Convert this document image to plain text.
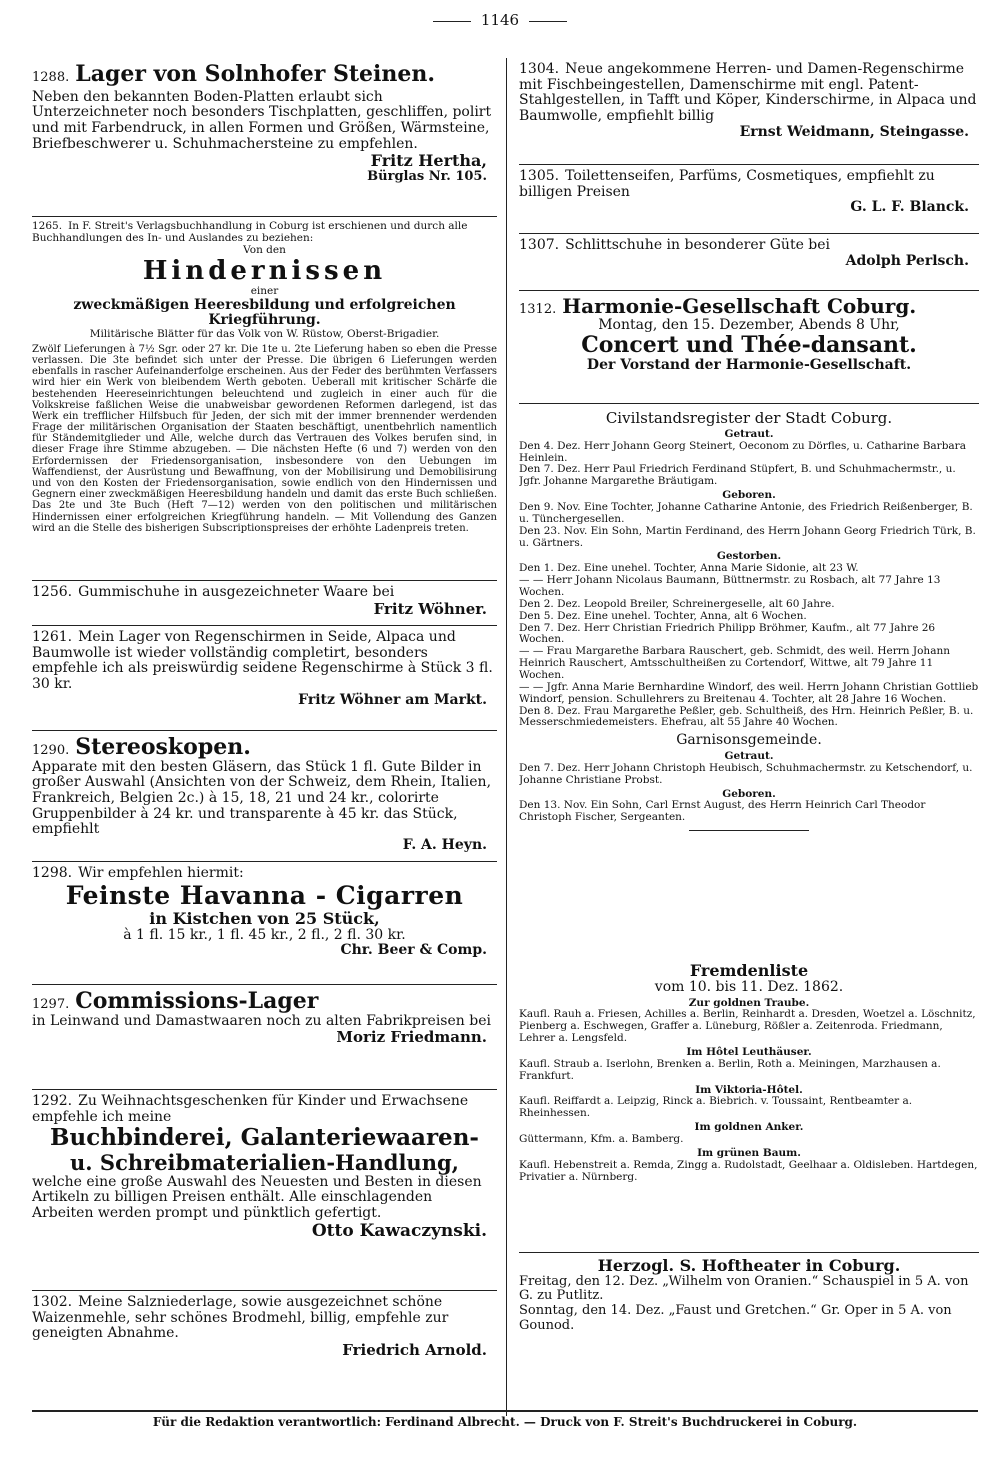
1146

1288. Lager von Solnhofer Steinen.

Neben den bekannten Boden-Platten erlaubt sich Unterzeichneter noch besonders Tischplatten, geschliffen, polirt und mit Farbendruck, in allen Formen und Größen, Wärmsteine, Briefbeschwerer u. Schuhmachersteine zu empfehlen.

Fritz Hertha,

Bürglas Nr. 105.

1265. In F. Streit's Verlagsbuchhandlung in Coburg ist erschienen und durch alle Buchhandlungen des In- und Auslandes zu beziehen:

Von den

Hindernissen

einer

zweckmäßigen Heeresbildung und erfolgreichen Kriegführung.

Militärische Blätter für das Volk von W. Rüstow, Oberst-Brigadier.

Zwölf Lieferungen à 7½ Sgr. oder 27 kr. Die 1te u. 2te Lieferung haben so eben die Presse verlassen. Die 3te befindet sich unter der Presse. Die übrigen 6 Lieferungen werden ebenfalls in rascher Aufeinanderfolge erscheinen. Aus der Feder des berühmten Verfassers wird hier ein Werk von bleibendem Werth geboten. Ueberall mit kritischer Schärfe die bestehenden Heereseinrichtungen beleuchtend und zugleich in einer auch für die Volkskreise faßlichen Weise die unabweisbar gewordenen Reformen darlegend, ist das Werk ein trefflicher Hilfsbuch für Jeden, der sich mit der immer brennender werdenden Frage der militärischen Organisation der Staaten beschäftigt, unentbehrlich namentlich für Ständemitglieder und Alle, welche durch das Vertrauen des Volkes berufen sind, in dieser Frage ihre Stimme abzugeben. — Die nächsten Hefte (6 und 7) werden von den Erfordernissen der Friedensorganisation, insbesondere von den Uebungen im Waffendienst, der Ausrüstung und Bewaffnung, von der Mobilisirung und Demobilisirung und von den Kosten der Friedensorganisation, sowie endlich von den Hindernissen und Gegnern einer zweckmäßigen Heeresbildung handeln und damit das erste Buch schließen. Das 2te und 3te Buch (Heft 7—12) werden von den politischen und militärischen Hindernissen einer erfolgreichen Kriegführung handeln. — Mit Vollendung des Ganzen wird an die Stelle des bisherigen Subscriptionspreises der erhöhte Ladenpreis treten.

1256. Gummischuhe in ausgezeichneter Waare bei

Fritz Wöhner.

1261. Mein Lager von Regenschirmen in Seide, Alpaca und Baumwolle ist wieder vollständig completirt, besonders empfehle ich als preiswürdig seidene Regenschirme à Stück 3 fl. 30 kr.

Fritz Wöhner am Markt.

1290. Stereoskopen.

Apparate mit den besten Gläsern, das Stück 1 fl. Gute Bilder in großer Auswahl (Ansichten von der Schweiz, dem Rhein, Italien, Frankreich, Belgien 2c.) à 15, 18, 21 und 24 kr., colorirte Gruppenbilder à 24 kr. und transparente à 45 kr. das Stück, empfiehlt

F. A. Heyn.

1298. Wir empfehlen hiermit:

Feinste Havanna - Cigarren

in Kistchen von 25 Stück,

à 1 fl. 15 kr., 1 fl. 45 kr., 2 fl., 2 fl. 30 kr.

Chr. Beer & Comp.

1297. Commissions-Lager

in Leinwand und Damastwaaren noch zu alten Fabrikpreisen bei

Moriz Friedmann.

1292. Zu Weihnachtsgeschenken für Kinder und Erwachsene empfehle ich meine

Buchbinderei, Galanteriewaaren-

u. Schreibmaterialien-Handlung,

welche eine große Auswahl des Neuesten und Besten in diesen Artikeln zu billigen Preisen enthält. Alle einschlagenden Arbeiten werden prompt und pünktlich gefertigt.

Otto Kawaczynski.

1302. Meine Salzniederlage, sowie ausgezeichnet schöne Waizenmehle, sehr schönes Brodmehl, billig, empfehle zur geneigten Abnahme.

Friedrich Arnold.

1304. Neue angekommene Herren- und Damen-Regenschirme mit Fischbeingestellen, Damenschirme mit engl. Patent-Stahlgestellen, in Tafft und Köper, Kinderschirme, in Alpaca und Baumwolle, empfiehlt billig

Ernst Weidmann, Steingasse.

1305. Toilettenseifen, Parfüms, Cosmetiques, empfiehlt zu billigen Preisen

G. L. F. Blanck.

1307. Schlittschuhe in besonderer Güte bei

Adolph Perlsch.

1312. Harmonie-Gesellschaft Coburg.

Montag, den 15. Dezember, Abends 8 Uhr,

Concert und Thée-dansant.

Der Vorstand der Harmonie-Gesellschaft.

Civilstandsregister der Stadt Coburg.

Getraut.

Den 4. Dez. Herr Johann Georg Steinert, Oeconom zu Dörfles, u. Catharine Barbara Heinlein.

Den 7. Dez. Herr Paul Friedrich Ferdinand Stüpfert, B. und Schuhmachermstr., u. Jgfr. Johanne Margarethe Bräutigam.

Geboren.

Den 9. Nov. Eine Tochter, Johanne Catharine Antonie, des Friedrich Reißenberger, B. u. Tünchergesellen.

Den 23. Nov. Ein Sohn, Martin Ferdinand, des Herrn Johann Georg Friedrich Türk, B. u. Gärtners.

Gestorben.

Den 1. Dez. Eine unehel. Tochter, Anna Marie Sidonie, alt 23 W.

— — Herr Johann Nicolaus Baumann, Büttnermstr. zu Rosbach, alt 77 Jahre 13 Wochen.

Den 2. Dez. Leopold Breiler, Schreinergeselle, alt 60 Jahre.

Den 5. Dez. Eine unehel. Tochter, Anna, alt 6 Wochen.

Den 7. Dez. Herr Christian Friedrich Philipp Bröhmer, Kaufm., alt 77 Jahre 26 Wochen.

— — Frau Margarethe Barbara Rauschert, geb. Schmidt, des weil. Herrn Johann Heinrich Rauschert, Amtsschultheißen zu Cortendorf, Wittwe, alt 79 Jahre 11 Wochen.

— — Jgfr. Anna Marie Bernhardine Windorf, des weil. Herrn Johann Christian Gottlieb Windorf, pension. Schullehrers zu Breitenau 4. Tochter, alt 28 Jahre 16 Wochen.

Den 8. Dez. Frau Margarethe Peßler, geb. Schultheiß, des Hrn. Heinrich Peßler, B. u. Messerschmiedemeisters. Ehefrau, alt 55 Jahre 40 Wochen.

Garnisonsgemeinde.

Getraut.

Den 7. Dez. Herr Johann Christoph Heubisch, Schuhmachermstr. zu Ketschendorf, u. Johanne Christiane Probst.

Geboren.

Den 13. Nov. Ein Sohn, Carl Ernst August, des Herrn Heinrich Carl Theodor Christoph Fischer, Sergeanten.

Fremdenliste

vom 10. bis 11. Dez. 1862.

Zur goldnen Traube.

Kaufl. Rauh a. Friesen, Achilles a. Berlin, Reinhardt a. Dresden, Woetzel a. Löschnitz, Pienberg a. Eschwegen, Graffer a. Lüneburg, Rößler a. Zeitenroda. Friedmann, Lehrer a. Lengsfeld.

Im Hôtel Leuthäuser.

Kaufl. Straub a. Iserlohn, Brenken a. Berlin, Roth a. Meiningen, Marzhausen a. Frankfurt.

Im Viktoria-Hôtel.

Kaufl. Reiffardt a. Leipzig, Rinck a. Biebrich. v. Toussaint, Rentbeamter a. Rheinhessen.

Im goldnen Anker.

Güttermann, Kfm. a. Bamberg.

Im grünen Baum.

Kaufl. Hebenstreit a. Remda, Zingg a. Rudolstadt, Geelhaar a. Oldisleben. Hartdegen, Privatier a. Nürnberg.

Herzogl. S. Hoftheater in Coburg.

Freitag, den 12. Dez. „Wilhelm von Oranien.“ Schauspiel in 5 A. von G. zu Putlitz.

Sonntag, den 14. Dez. „Faust und Gretchen.“ Gr. Oper in 5 A. von Gounod.

Für die Redaktion verantwortlich: Ferdinand Albrecht. — Druck von F. Streit's Buchdruckerei in Coburg.
